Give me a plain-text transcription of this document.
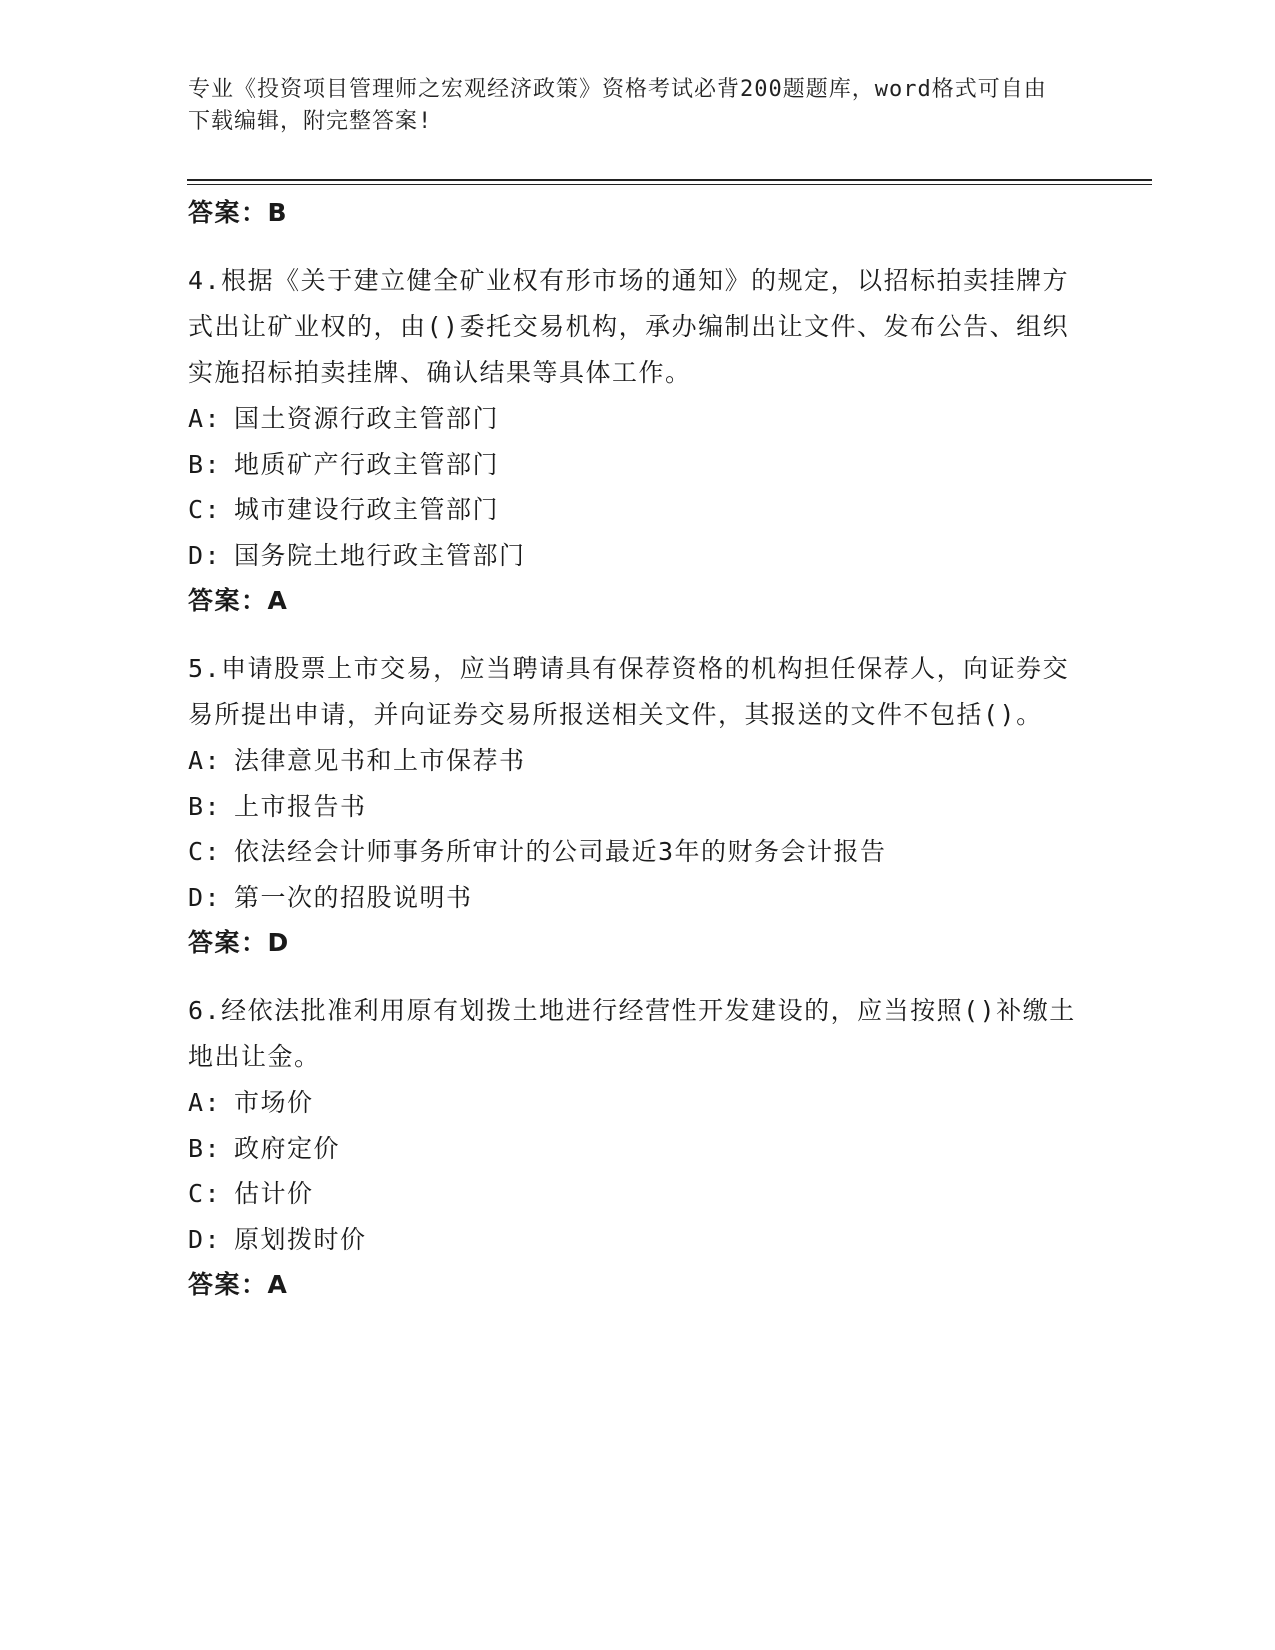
专业《投资项目管理师之宏观经济政策》资格考试必背200题题库，word格式可自由下载编辑，附完整答案!
答案：B
4.根据《关于建立健全矿业权有形市场的通知》的规定，以招标拍卖挂牌方式出让矿业权的，由()委托交易机构，承办编制出让文件、发布公告、组织实施招标拍卖挂牌、确认结果等具体工作。
A: 国土资源行政主管部门
B: 地质矿产行政主管部门
C: 城市建设行政主管部门
D: 国务院土地行政主管部门
答案：A
5.申请股票上市交易，应当聘请具有保荐资格的机构担任保荐人，向证券交易所提出申请，并向证券交易所报送相关文件，其报送的文件不包括()。
A: 法律意见书和上市保荐书
B: 上市报告书
C: 依法经会计师事务所审计的公司最近3年的财务会计报告
D: 第一次的招股说明书
答案：D
6.经依法批准利用原有划拨土地进行经营性开发建设的，应当按照()补缴土地出让金。
A: 市场价
B: 政府定价
C: 估计价
D: 原划拨时价
答案：A
